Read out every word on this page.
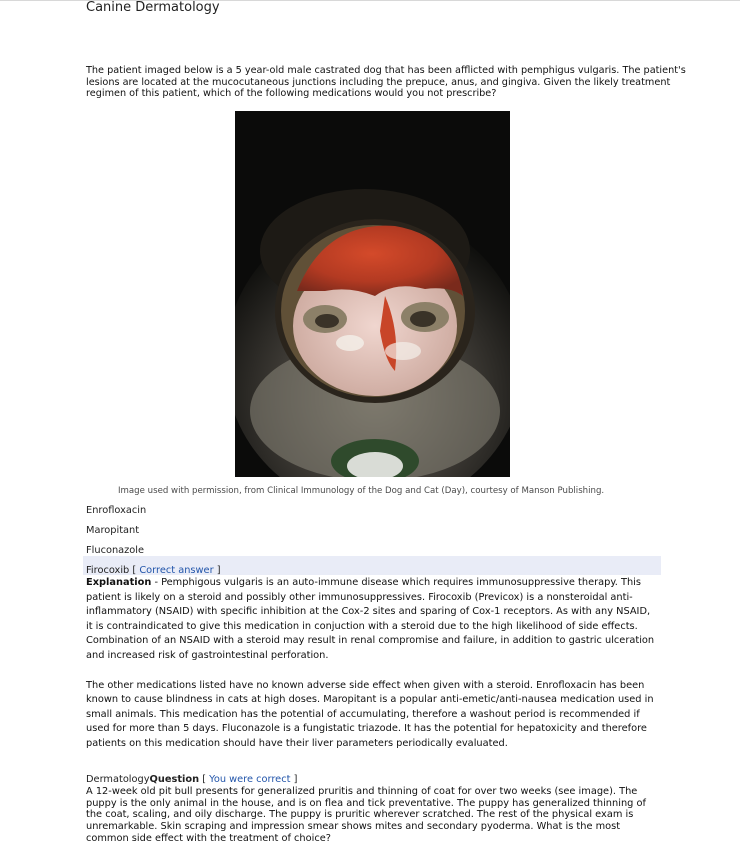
Canine Dermatology
The patient imaged below is a 5 year-old male castrated dog that has been afflicted with pemphigus vulgaris. The patient's lesions are located at the mucocutaneous junctions including the prepuce, anus, and gingiva. Given the likely treatment regimen of this patient, which of the following medications would you not prescribe?
Image used with permission, from Clinical Immunology of the Dog and Cat (Day), courtesy of Manson Publishing.
Enrofloxacin
Maropitant
Fluconazole
Firocoxib [ Correct answer ]

Explanation - Pemphigous vulgaris is an auto-immune disease which requires immunosuppressive therapy. This patient is likely on a steroid and possibly other immunosuppressives. Firocoxib (Previcox) is a nonsteroidal anti-inflammatory (NSAID) with specific inhibition at the Cox-2 sites and sparing of Cox-1 receptors. As with any NSAID, it is contraindicated to give this medication in conjuction with a steroid due to the high likelihood of side effects. Combination of an NSAID with a steroid may result in renal compromise and failure, in addition to gastric ulceration and increased risk of gastrointestinal perforation.

The other medications listed have no known adverse side effect when given with a steroid. Enrofloxacin has been known to cause blindness in cats at high doses. Maropitant is a popular anti-emetic/anti-nausea medication used in small animals. This medication has the potential of accumulating, therefore a washout period is recommended if used for more than 5 days. Fluconazole is a fungistatic triazode. It has the potential for hepatoxicity and therefore patients on this medication should have their liver parameters periodically evaluated.

DermatologyQuestion [ You were correct ]
A 12-week old pit bull presents for generalized pruritis and thinning of coat for over two weeks (see image). The puppy is the only animal in the house, and is on flea and tick preventative. The puppy has generalized thinning of the coat, scaling, and oily discharge. The puppy is pruritic wherever scratched. The rest of the physical exam is unremarkable. Skin scraping and impression smear shows mites and secondary pyoderma. What is the most common side effect with the treatment of choice?
